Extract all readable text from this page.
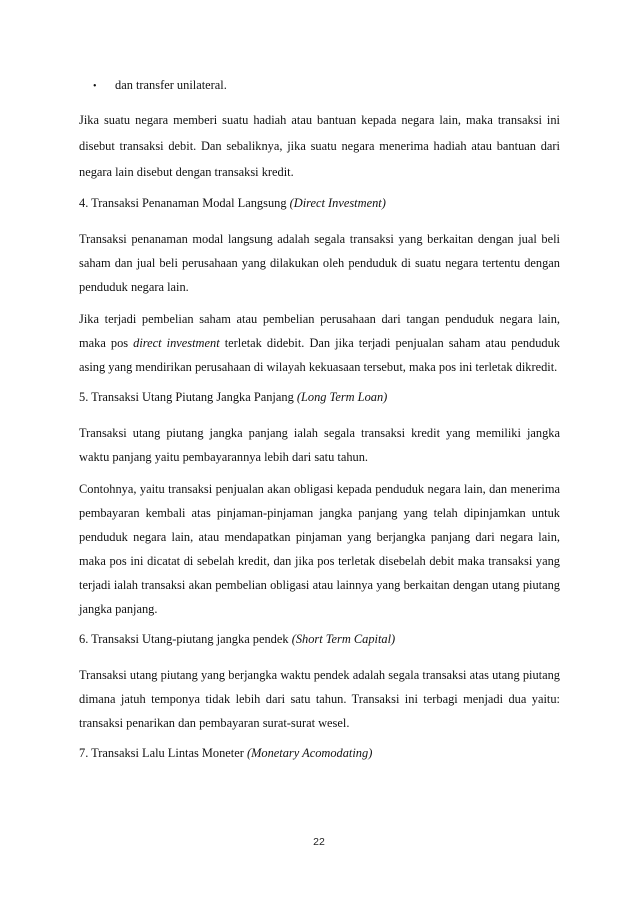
•	dan transfer unilateral.

Jika suatu negara memberi suatu hadiah atau bantuan kepada negara lain, maka transaksi ini disebut transaksi debit. Dan sebaliknya, jika suatu negara menerima hadiah atau bantuan dari negara lain disebut dengan transaksi kredit.

4. Transaksi Penanaman Modal Langsung (Direct Investment)

Transaksi penanaman modal langsung adalah segala transaksi yang berkaitan dengan jual beli saham dan jual beli perusahaan yang dilakukan oleh penduduk di suatu negara tertentu dengan penduduk negara lain.

Jika terjadi pembelian saham atau pembelian perusahaan dari tangan penduduk negara lain, maka pos direct investment terletak didebit. Dan jika terjadi penjualan saham atau penduduk asing yang mendirikan perusahaan di wilayah kekuasaan tersebut, maka pos ini terletak dikredit.

5. Transaksi Utang Piutang Jangka Panjang (Long Term Loan)

Transaksi utang piutang jangka panjang ialah segala transaksi kredit yang memiliki jangka waktu panjang yaitu pembayarannya lebih dari satu tahun.

Contohnya, yaitu transaksi penjualan akan obligasi kepada penduduk negara lain, dan menerima pembayaran kembali atas pinjaman-pinjaman jangka panjang yang telah dipinjamkan untuk penduduk negara lain, atau mendapatkan pinjaman yang berjangka panjang dari negara lain, maka pos ini dicatat di sebelah kredit, dan jika pos terletak disebelah debit maka transaksi yang terjadi ialah transaksi akan pembelian obligasi atau lainnya yang berkaitan dengan utang piutang jangka panjang.

6. Transaksi Utang-piutang jangka pendek (Short Term Capital)

Transaksi utang piutang yang berjangka waktu pendek adalah segala transaksi atas utang piutang dimana jatuh temponya tidak lebih dari satu tahun. Transaksi ini terbagi menjadi dua yaitu: transaksi penarikan dan pembayaran surat-surat wesel.

7. Transaksi Lalu Lintas Moneter (Monetary Acomodating)
22
